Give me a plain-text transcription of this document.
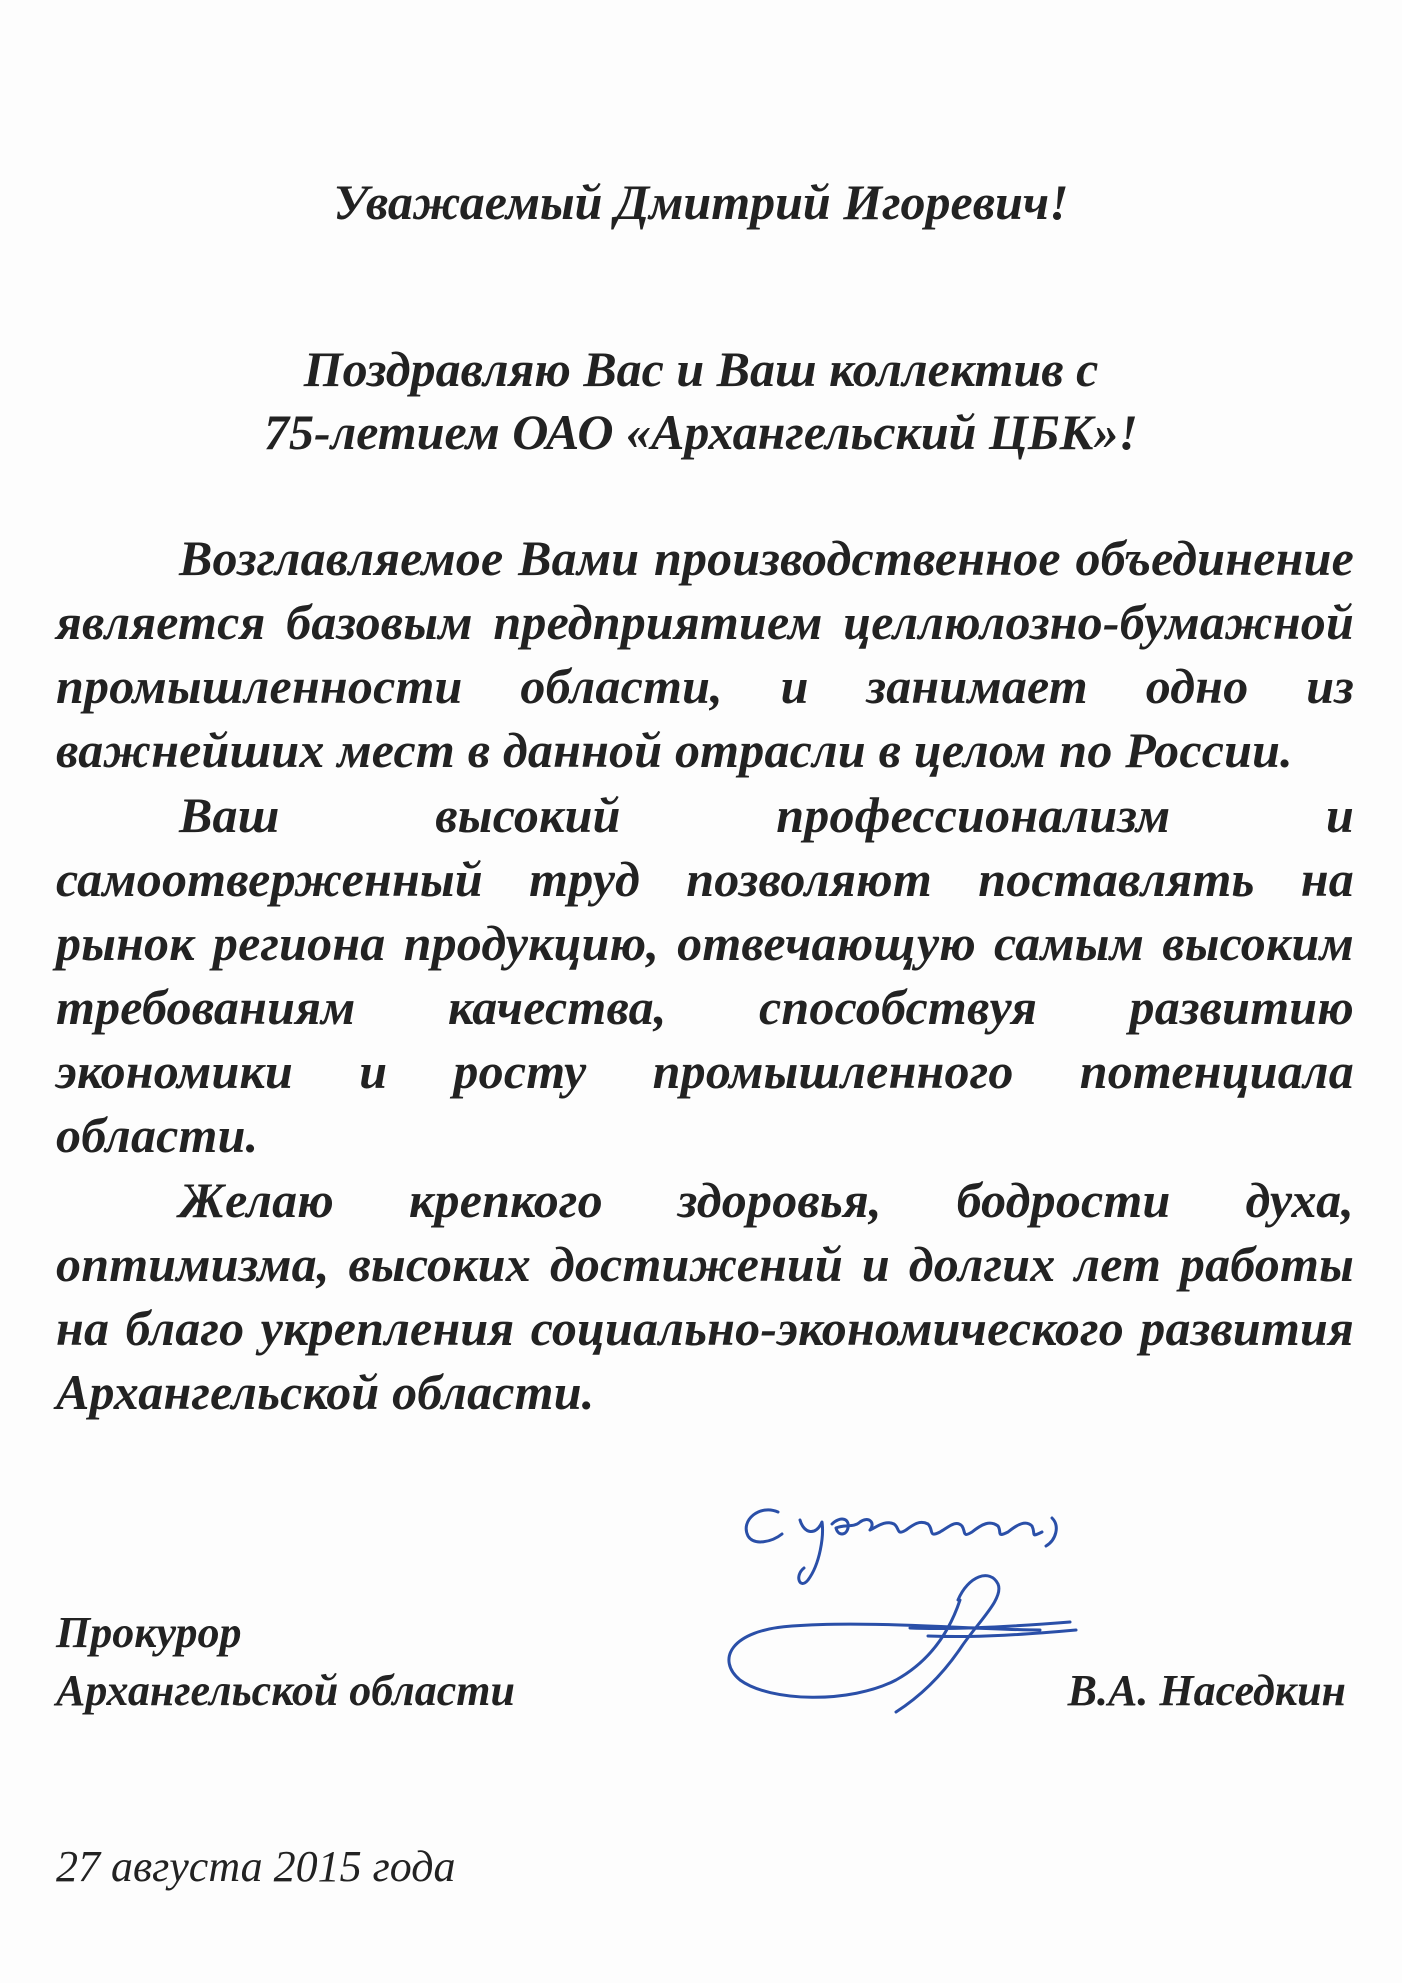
Уважаемый Дмитрий Игоревич!
Поздравляю Вас и Ваш коллектив с
75-летием ОАО «Архангельский ЦБК»!

Возглавляемое Вами производственное объединение является базовым предприятием целлюлозно-бумажной промышленности области, и занимает одно из важнейших мест в данной отрасли в целом по России.

Ваш высокий профессионализм и самоотверженный труд позволяют поставлять на рынок региона продукцию, отвечающую самым высоким требованиям качества, способствуя развитию экономики и росту промышленного потенциала области.

Желаю крепкого здоровья, бодрости духа, оптимизма, высоких достижений и долгих лет работы на благо укрепления социально-экономического развития Архангельской области.

Прокурор
Архангельской области	В.А. Наседкин
27 августа 2015 года
